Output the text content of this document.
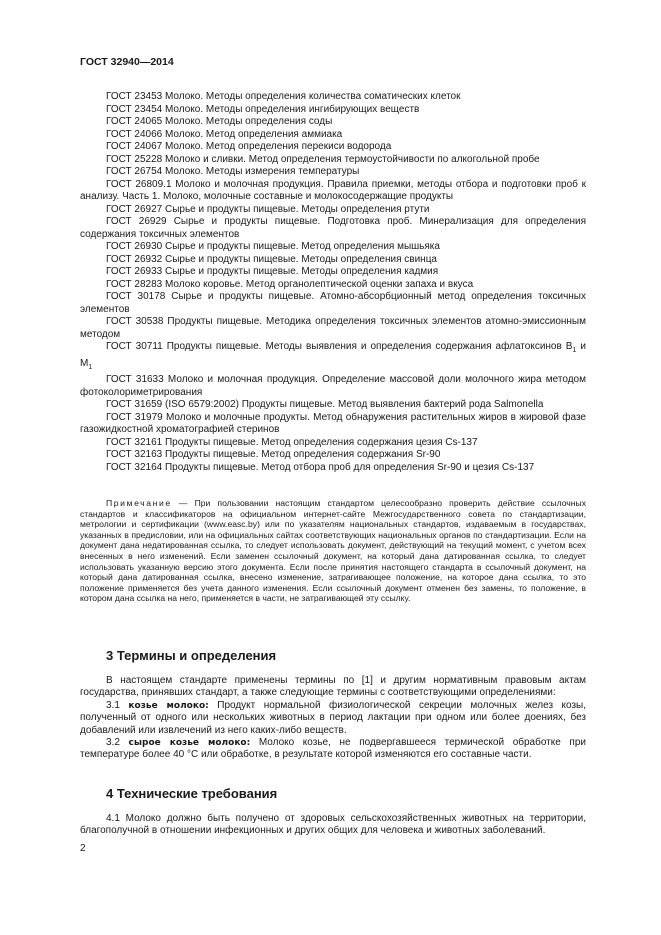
ГОСТ 32940—2014

ГОСТ 23453 Молоко. Методы определения количества соматических клеток

ГОСТ 23454 Молоко. Методы определения ингибирующих веществ

ГОСТ 24065 Молоко. Методы определения соды

ГОСТ 24066 Молоко. Метод определения аммиака

ГОСТ 24067 Молоко. Метод определения перекиси водорода

ГОСТ 25228 Молоко и сливки. Метод определения термоустойчивости по алкогольной пробе

ГОСТ 26754 Молоко. Методы измерения температуры

ГОСТ 26809.1 Молоко и молочная продукция. Правила приемки, методы отбора и подготовки проб к анализу. Часть 1. Молоко, молочные составные и молокосодержащие продукты

ГОСТ 26927 Сырье и продукты пищевые. Методы определения ртути

ГОСТ 26929 Сырье и продукты пищевые. Подготовка проб. Минерализация для определения содержания токсичных элементов

ГОСТ 26930 Сырье и продукты пищевые. Метод определения мышьяка

ГОСТ 26932 Сырье и продукты пищевые. Методы определения свинца

ГОСТ 26933 Сырье и продукты пищевые. Методы определения кадмия

ГОСТ 28283 Молоко коровье. Метод органолептической оценки запаха и вкуса

ГОСТ 30178 Сырье и продукты пищевые. Атомно-абсорбционный метод определения токсичных элементов

ГОСТ 30538 Продукты пищевые. Методика определения токсичных элементов атомно-эмиссионным методом

ГОСТ 30711 Продукты пищевые. Методы выявления и определения содержания афлатоксинов $В_1$ и $М_1$

ГОСТ 31633 Молоко и молочная продукция. Определение массовой доли молочного жира методом фотоколориметрирования

ГОСТ 31659 (ISO 6579:2002) Продукты пищевые. Метод выявления бактерий рода Salmonella

ГОСТ 31979 Молоко и молочные продукты. Метод обнаружения растительных жиров в жировой фазе газожидкостной хроматографией стеринов

ГОСТ 32161 Продукты пищевые. Метод определения содержания цезия Cs-137

ГОСТ 32163 Продукты пищевые. Метод определения содержания Sr-90

ГОСТ 32164 Продукты пищевые. Метод отбора проб для определения Sr-90 и цезия Cs-137

Примечание — При пользовании настоящим стандартом целесообразно проверить действие ссылочных стандартов и классификаторов на официальном интернет-сайте Межгосударственного совета по стандартизации, метрологии и сертификации (www.easc.by) или по указателям национальных стандартов, издаваемым в государствах, указанных в предисловии, или на официальных сайтах соответствующих национальных органов по стандартизации. Если на документ дана недатированная ссылка, то следует использовать документ, действующий на текущий момент, с учетом всех внесенных в него изменений. Если заменен ссылочный документ, на который дана датированная ссылка, то следует использовать указанную версию этого документа. Если после принятия настоящего стандарта в ссылочный документ, на который дана датированная ссылка, внесено изменение, затрагивающее положение, на которое дана ссылка, то это положение применяется без учета данного изменения. Если ссылочный документ отменен без замены, то положение, в котором дана ссылка на него, применяется в части, не затрагивающей эту ссылку.

3 Термины и определения

В настоящем стандарте применены термины по [1] и другим нормативным правовым актам государства, принявших стандарт, а также следующие термины с соответствующими определениями:

3.1 козье молоко: Продукт нормальной физиологической секреции молочных желез козы, полученный от одного или нескольких животных в период лактации при одном или более доениях, без добавлений или извлечений из него каких-либо веществ.

3.2 сырое козье молоко: Молоко козье, не подвергавшееся термической обработке при температуре более 40 °С или обработке, в результате которой изменяются его составные части.

4 Технические требования

4.1 Молоко должно быть получено от здоровых сельскохозяйственных животных на территории, благополучной в отношении инфекционных и других общих для человека и животных заболеваний.

2
